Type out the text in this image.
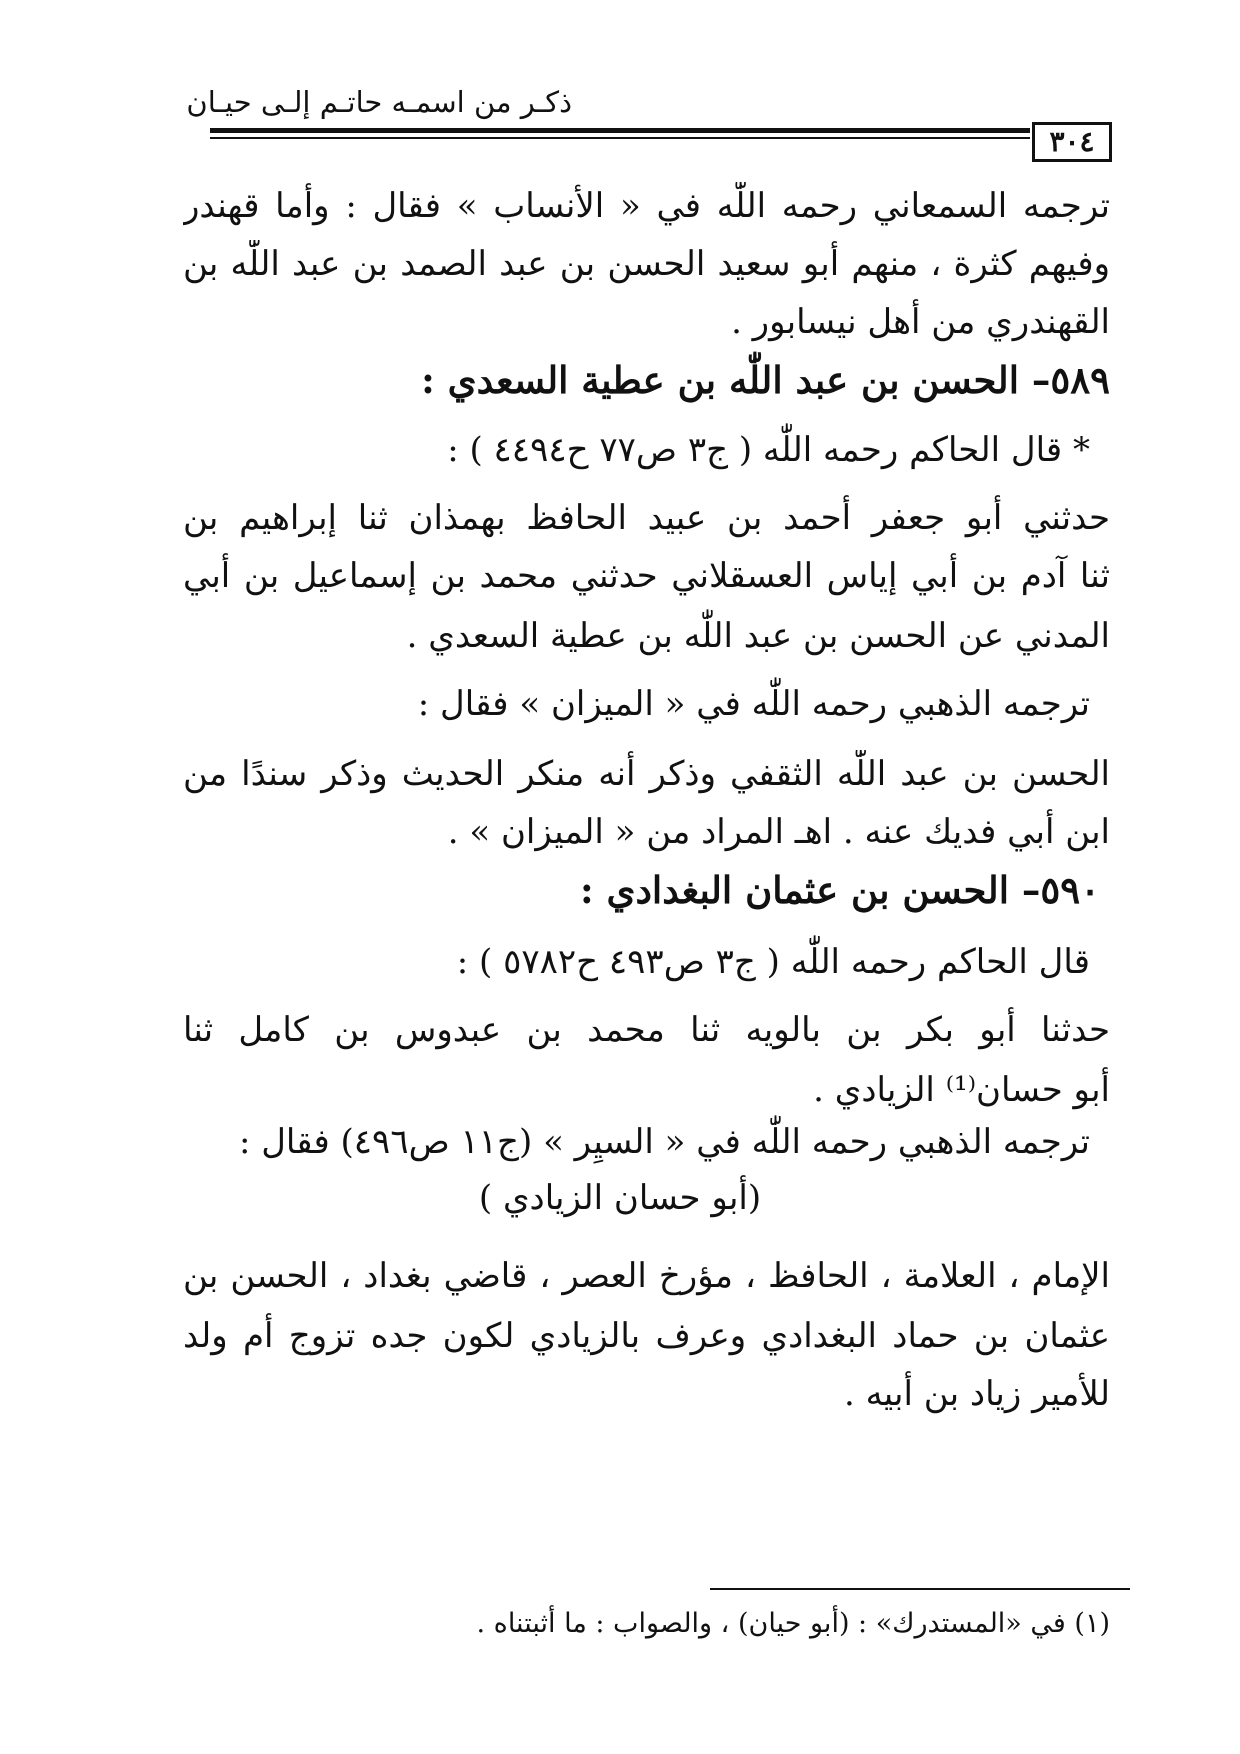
ذكـر من اسمـه حاتـم إلـى حيـان
٣٠٤
ترجمه السمعاني رحمه اللّٰه في « الأنساب » فقال : وأما قهندر
وفيهم كثرة ، منهم أبو سعيد الحسن بن عبد الصمد بن عبد اللّٰه بن
القهندري من أهل نيسابور .
٥٨٩– الحسن بن عبد اللّٰه بن عطية السعدي :
* قال الحاكم رحمه اللّٰه ( ج٣ ص٧٧ ح٤٤٩٤ ) :
حدثني أبو جعفر أحمد بن عبيد الحافظ بهمذان ثنا إبراهيم بن
ثنا آدم بن أبي إياس العسقلاني حدثني محمد بن إسماعيل بن أبي
المدني عن الحسن بن عبد اللّٰه بن عطية السعدي .
ترجمه الذهبي رحمه اللّٰه في « الميزان » فقال :
الحسن بن عبد اللّٰه الثقفي وذكر أنه منكر الحديث وذكر سندًا من
ابن أبي فديك عنه . اهـ المراد من « الميزان » .
٥٩٠– الحسن بن عثمان البغدادي :
قال الحاكم رحمه اللّٰه ( ج٣ ص٤٩٣ ح٥٧٨٢ ) :
حدثنا أبو بكر بن بالويه ثنا محمد بن عبدوس بن كامل ثنا
أبو حسان⁽¹⁾ الزيادي .
ترجمه الذهبي رحمه اللّٰه في « السيِر » (ج١١ ص٤٩٦) فقال :
(أبو حسان الزيادي )
الإمام ، العلامة ، الحافظ ، مؤرخ العصر ، قاضي بغداد ، الحسن بن
عثمان بن حماد البغدادي وعرف بالزيادي لكون جده تزوج أم ولد
للأمير زياد بن أبيه .
(١) في «المستدرك» : (أبو حيان) ، والصواب : ما أثبتناه .
